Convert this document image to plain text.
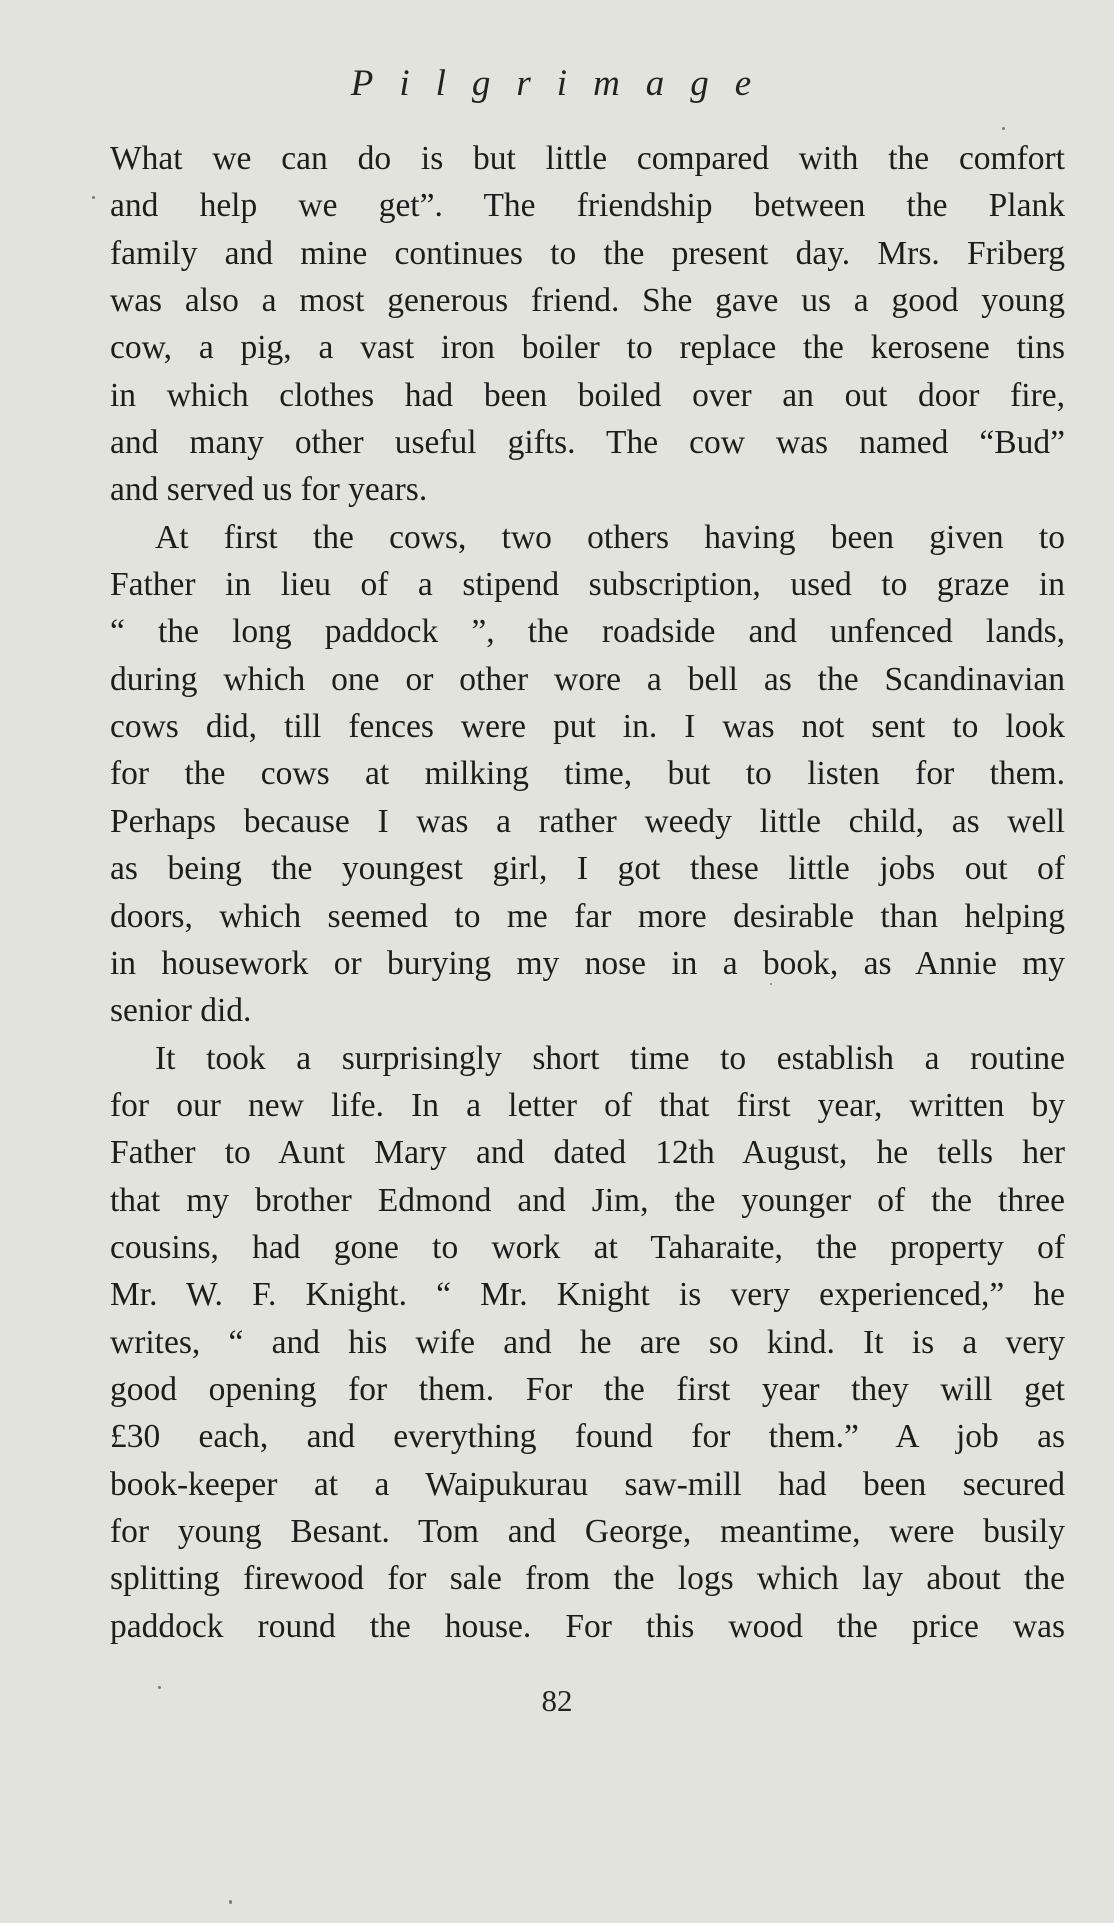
Pilgrimage
What we can do is but little compared with the comfort
and help we get”. The friendship between the Plank
family and mine continues to the present day. Mrs. Friberg
was also a most generous friend. She gave us a good young
cow, a pig, a vast iron boiler to replace the kerosene tins
in which clothes had been boiled over an out door fire,
and many other useful gifts. The cow was named “Bud”
and served us for years.
At first the cows, two others having been given to
Father in lieu of a stipend subscription, used to graze in
“ the long paddock ”, the roadside and unfenced lands,
during which one or other wore a bell as the Scandinavian
cows did, till fences were put in. I was not sent to look
for the cows at milking time, but to listen for them.
Perhaps because I was a rather weedy little child, as well
as being the youngest girl, I got these little jobs out of
doors, which seemed to me far more desirable than helping
in housework or burying my nose in a book, as Annie my
senior did.
It took a surprisingly short time to establish a routine
for our new life. In a letter of that first year, written by
Father to Aunt Mary and dated 12th August, he tells her
that my brother Edmond and Jim, the younger of the three
cousins, had gone to work at Taharaite, the property of
Mr. W. F. Knight. “ Mr. Knight is very experienced,” he
writes, “ and his wife and he are so kind. It is a very
good opening for them. For the first year they will get
£30 each, and everything found for them.” A job as
book-keeper at a Waipukurau saw-mill had been secured
for young Besant. Tom and George, meantime, were busily
splitting firewood for sale from the logs which lay about the
paddock round the house. For this wood the price was
82
